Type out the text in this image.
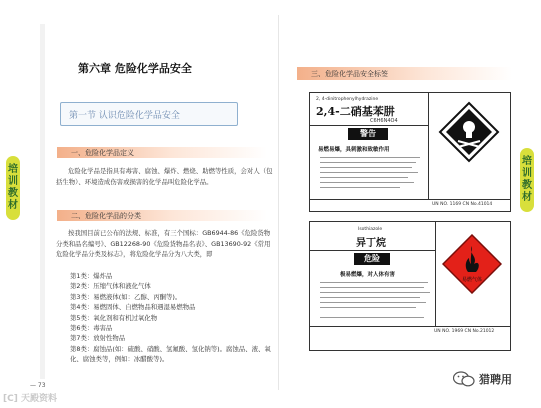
培
训
教
材
培
训
教
材
第六章 危险化学品安全
第一节 认识危险化学品安全
一、危险化学品定义
危险化学品是指具有毒害、腐蚀、爆炸、燃烧、助燃等性质，会对人（包括生物）、环境造成伤害或损害的化学品叫危险化学品。
二、危险化学品的分类
按我国目前已公布的法规、标准，有三个国标：GB6944-86《危险货物分类和品名编号》、GB12268-90《危险货物品名表》、GB13690-92《常用危险化学品分类及标志》，将危险化学品分为八大类，即
第1类：爆炸品
第2类：压缩气体和液化气体
第3类：易燃液体(如：乙醇、丙酮等)。
第4类：易燃固体、自燃物品和遇湿易燃物品
第5类：氧化剂和有机过氧化物
第6类：毒害品
第7类：放射性物品
第8类：腐蚀品(如：硫酸、硝酸、氢氟酸、氢化钠等)。腐蚀品、液、氧化、腐蚀类等，例如：冰醋酸等)。
— 73
[C] 天殿资料
三、危险化学品安全标签
2, 4-dinitrophenylhydrazine
2,4-二硝基苯肼
C6H6N4O4
警告
易燃易爆，具刺激和致敏作用
UN NO. 1169 CN No.41014
Isothiazole
异丁烷
危险
极易燃爆，对人体有害
易燃气体
UN NO. 1969 CN No.21012
猎聘用
